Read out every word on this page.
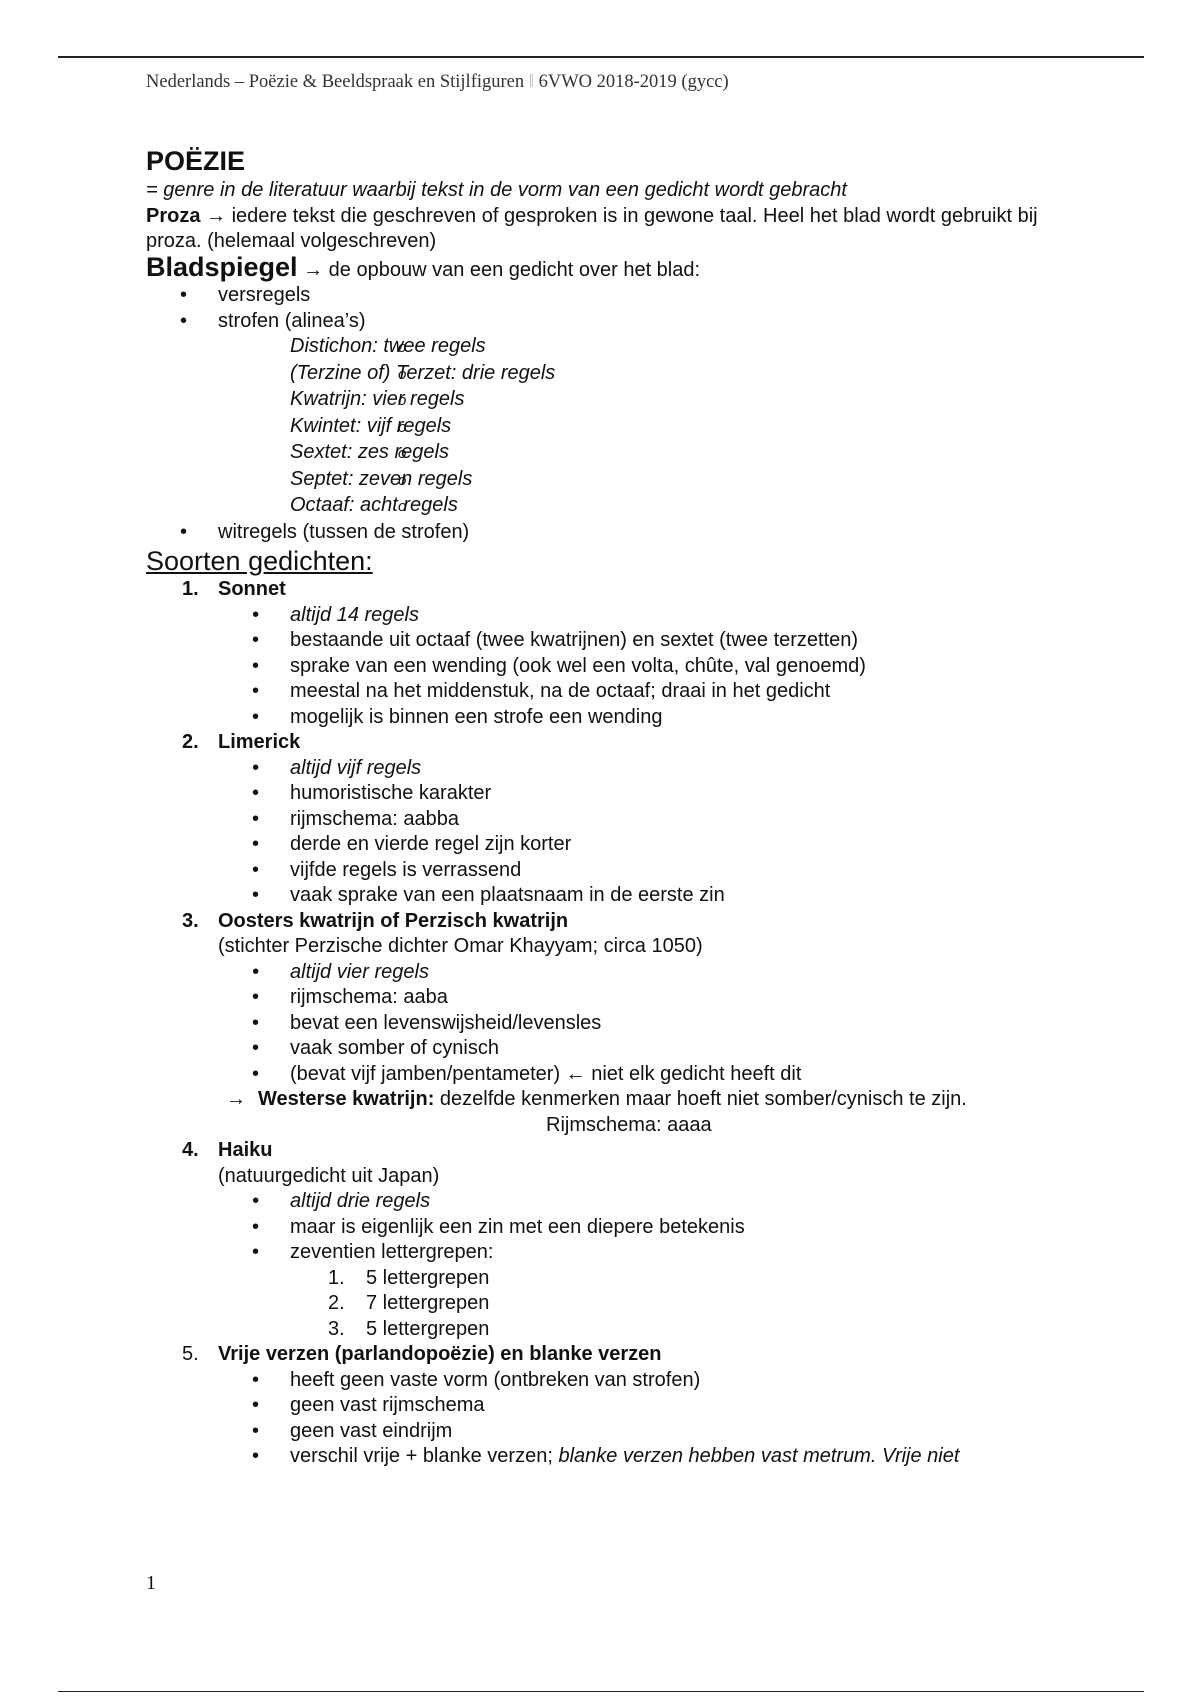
Nederlands – Poëzie & Beeldspraak en Stijlfiguren ‖ 6VWO 2018-2019 (gycc)
POËZIE

= genre in de literatuur waarbij tekst in de vorm van een gedicht wordt gebracht

Proza → iedere tekst die geschreven of gesproken is in gewone taal. Heel het blad wordt gebruikt bij proza. (helemaal volgeschreven)

Bladspiegel → de opbouw van een gedicht over het blad:

• versregels
• strofen (alinea’s)
o Distichon: twee regels
o (Terzine of) Terzet: drie regels
o Kwatrijn: vier regels
o Kwintet: vijf regels
o Sextet: zes regels
o Septet: zeven regels
o Octaaf: acht regels
• witregels (tussen de strofen)

Soorten gedichten:

1. Sonnet
• altijd 14 regels
• bestaande uit octaaf (twee kwatrijnen) en sextet (twee terzetten)
• sprake van een wending (ook wel een volta, chûte, val genoemd)
• meestal na het middenstuk, na de octaaf; draai in het gedicht
• mogelijk is binnen een strofe een wending
2. Limerick
• altijd vijf regels
• humoristische karakter
• rijmschema: aabba
• derde en vierde regel zijn korter
• vijfde regels is verrassend
• vaak sprake van een plaatsnaam in de eerste zin
3. Oosters kwatrijn of Perzisch kwatrijn
(stichter Perzische dichter Omar Khayyam; circa 1050)
• altijd vier regels
• rijmschema: aaba
• bevat een levenswijsheid/levensles
• vaak somber of cynisch
• (bevat vijf jamben/pentameter) ← niet elk gedicht heeft dit

→ Westerse kwatrijn: dezelfde kenmerken maar hoeft niet somber/cynisch te zijn.

Rijmschema: aaaa

4. Haiku
(natuurgedicht uit Japan)
• altijd drie regels
• maar is eigenlijk een zin met een diepere betekenis
• zeventien lettergrepen:
1. 5 lettergrepen
2. 7 lettergrepen
3. 5 lettergrepen
5. Vrije verzen (parlandopoëzie) en blanke verzen
• heeft geen vaste vorm (ontbreken van strofen)
• geen vast rijmschema
• geen vast eindrijm
• verschil vrije + blanke verzen; blanke verzen hebben vast metrum. Vrije niet
1
